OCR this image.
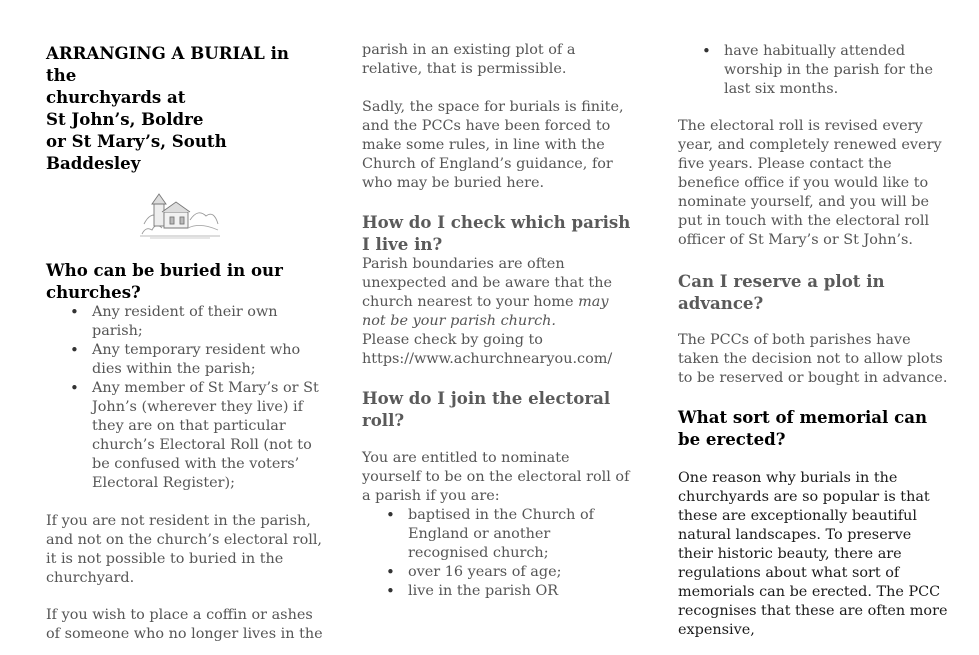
ARRANGING A BURIAL in the
churchyards at
St John’s, Boldre
or St Mary’s, South Baddesley
Who can be buried in our churches?
• Any resident of their own parish;
• Any temporary resident who dies within the parish;
• Any member of St Mary’s or St John’s (wherever they live) if they are on that particular church’s Electoral Roll (not to be confused with the voters’ Electoral Register);

If you are not resident in the parish, and not on the church’s electoral roll, it is not possible to buried in the churchyard.

If you wish to place a coffin or ashes of someone who no longer lives in the

parish in an existing plot of a relative, that is permissible.

Sadly, the space for burials is finite, and the PCCs have been forced to make some rules, in line with the Church of England’s guidance, for who may be buried here.

How do I check which parish I live in?

Parish boundaries are often unexpected and be aware that the church nearest to your home may not be your parish church.
Please check by going to https://www.achurchnearyou.com/

How do I join the electoral roll?

You are entitled to nominate yourself to be on the electoral roll of a parish if you are:

• baptised in the Church of England or another recognised church;
• over 16 years of age;
• live in the parish OR
• have habitually attended worship in the parish for the last six months.

The electoral roll is revised every year, and completely renewed every five years. Please contact the benefice office if you would like to nominate yourself, and you will be put in touch with the electoral roll officer of St Mary’s or St John’s.

Can I reserve a plot in advance?

The PCCs of both parishes have taken the decision not to allow plots to be reserved or bought in advance.

What sort of memorial can be erected?

One reason why burials in the churchyards are so popular is that these are exceptionally beautiful natural landscapes. To preserve their historic beauty, there are regulations about what sort of memorials can be erected. The PCC recognises that these are often more expensive,
